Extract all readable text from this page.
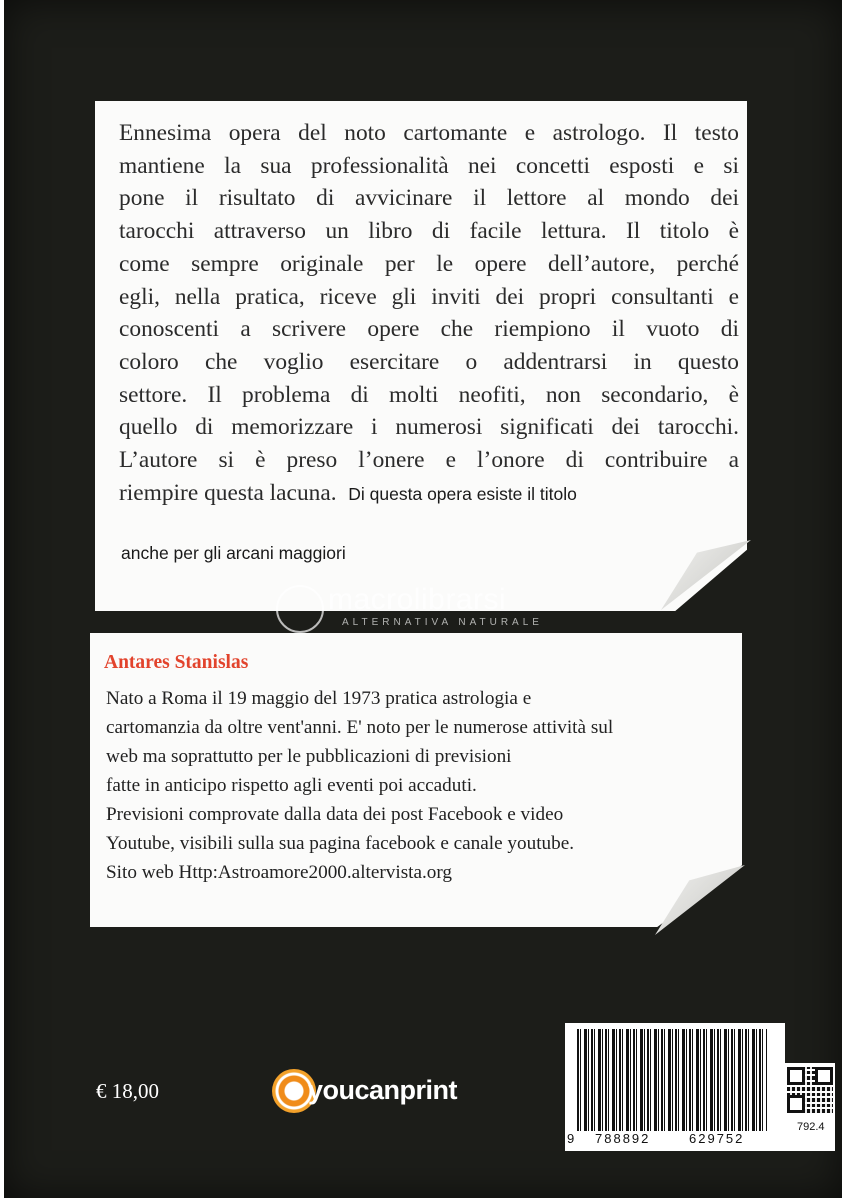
Ennesima opera del noto cartomante e astrologo. Il testo
mantiene la sua professionalità nei concetti esposti e si
pone il risultato di avvicinare il lettore al mondo dei
tarocchi attraverso un libro di facile lettura. Il titolo è
come sempre originale per le opere dell’autore, perché
egli, nella pratica, riceve gli inviti dei propri consultanti e
conoscenti a scrivere opere che riempiono il vuoto di
coloro che voglio esercitare o addentrarsi in questo
settore. Il problema di molti neofiti, non secondario, è
quello di memorizzare i numerosi significati dei tarocchi.
L’autore si è preso l’onere e l’onore di contribuire a
riempire questa lacuna. Di questa opera esiste il titolo
anche per gli arcani maggiori
macrolibrarsi
ALTERNATIVA NATURALE
Antares Stanislas
Nato a Roma il 19 maggio del 1973 pratica astrologia e
cartomanzia da oltre vent'anni. E' noto per le numerose attività sul
web ma soprattutto per le pubblicazioni di previsioni
fatte in anticipo rispetto agli eventi poi accaduti.
Previsioni comprovate dalla data dei post Facebook e video
Youtube, visibili sulla sua pagina facebook e canale youtube.
Sito web Http:Astroamore2000.altervista.org
€ 18,00	youcanprint
9 788892	629752
792.4
